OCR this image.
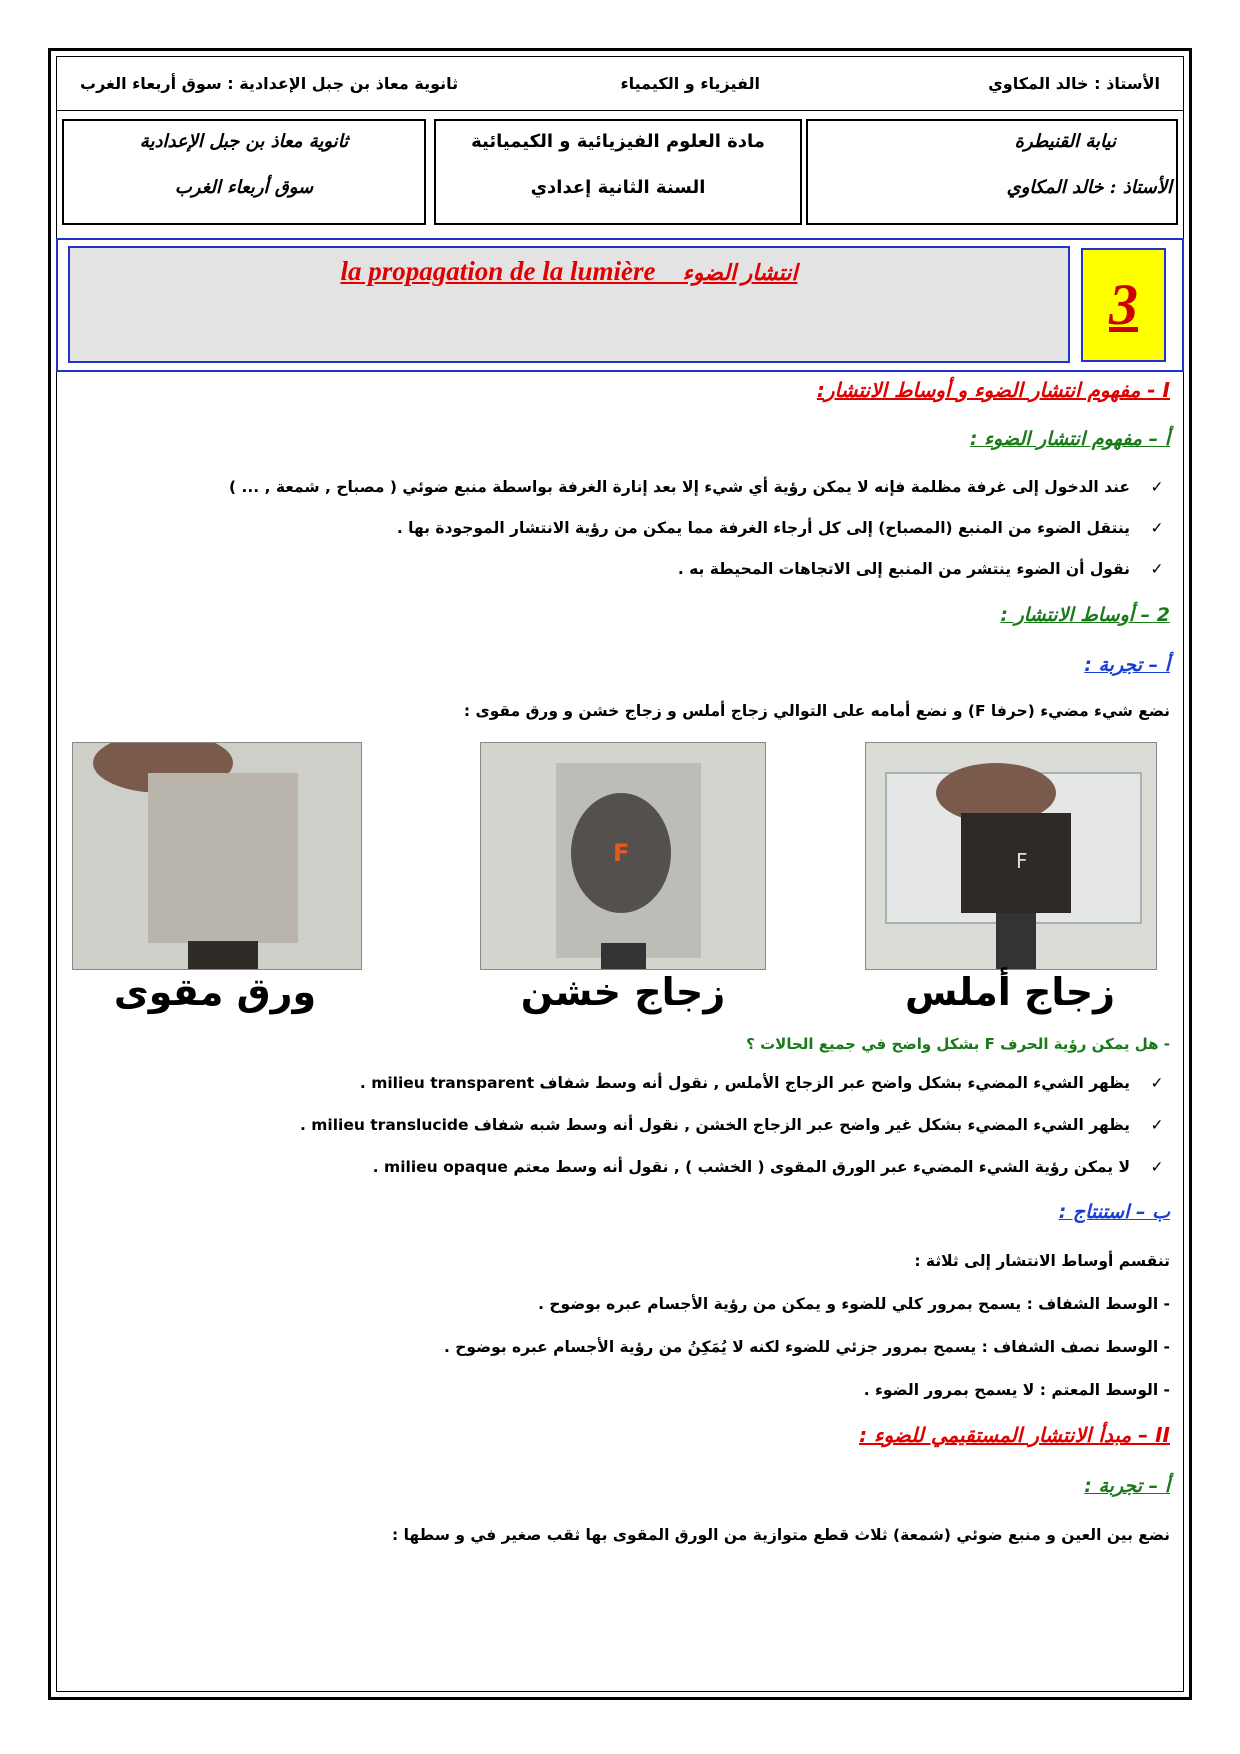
الأستاذ : خالد المكاوي
الفيزياء و الكيمياء
ثانوية معاذ بن جبل الإعدادية : سوق أربعاء الغرب
ثانوية معاذ بن جبل الإعدادية
سوق أربعاء الغرب
مادة العلوم الفيزيائية و الكيميائية
السنة الثانية إعدادي
نيابة القنيطرة
الأستاذ : خالد المكاوي
la propagation de la lumière انتشار الضوء	3
I - مفهوم انتشار الضوء و أوساط الانتشار:
أ – مفهوم انتشار الضوء :
✓عند الدخول إلى غرفة مظلمة فإنه لا يمكن رؤية أي شيء إلا بعد إنارة الغرفة بواسطة منبع ضوئي ( مصباح , شمعة , ... )
✓ينتقل الضوء من المنبع (المصباح) إلى كل أرجاء الغرفة مما يمكن من رؤية الانتشار الموجودة بها .
✓نقول أن الضوء ينتشر من المنبع إلى الاتجاهات المحيطة به .
2 – أوساط الانتشار :
أ – تجربة :
نضع شيء مضيء (حرفا F) و نضع أمامه على التوالي زجاج أملس و زجاج خشن و ورق مقوى :
F
F
زجاج أملس
زجاج خشن
ورق مقوى
- هل يمكن رؤية الحرف F بشكل واضح في جميع الحالات ؟
✓يظهر الشيء المضيء بشكل واضح عبر الزجاج الأملس , نقول أنه وسط شفاف milieu transparent .
✓يظهر الشيء المضيء بشكل غير واضح عبر الزجاج الخشن , نقول أنه وسط شبه شفاف milieu translucide .
✓لا يمكن رؤية الشيء المضيء عبر الورق المقوى ( الخشب ) , نقول أنه وسط معتم milieu opaque .
ب – استنتاج :
تنقسم أوساط الانتشار إلى ثلاثة :
- الوسط الشفاف : يسمح بمرور كلي للضوء و يمكن من رؤية الأجسام عبره بوضوح .
- الوسط نصف الشفاف : يسمح بمرور جزئي للضوء لكنه لا يُمَكِنُ من رؤية الأجسام عبره بوضوح .
- الوسط المعتم : لا يسمح بمرور الضوء .
II – مبدأ الانتشار المستقيمي للضوء :
أ – تجربة :
نضع بين العين و منبع ضوئي (شمعة) ثلاث قطع متوازية من الورق المقوى بها ثقب صغير في و سطها :
